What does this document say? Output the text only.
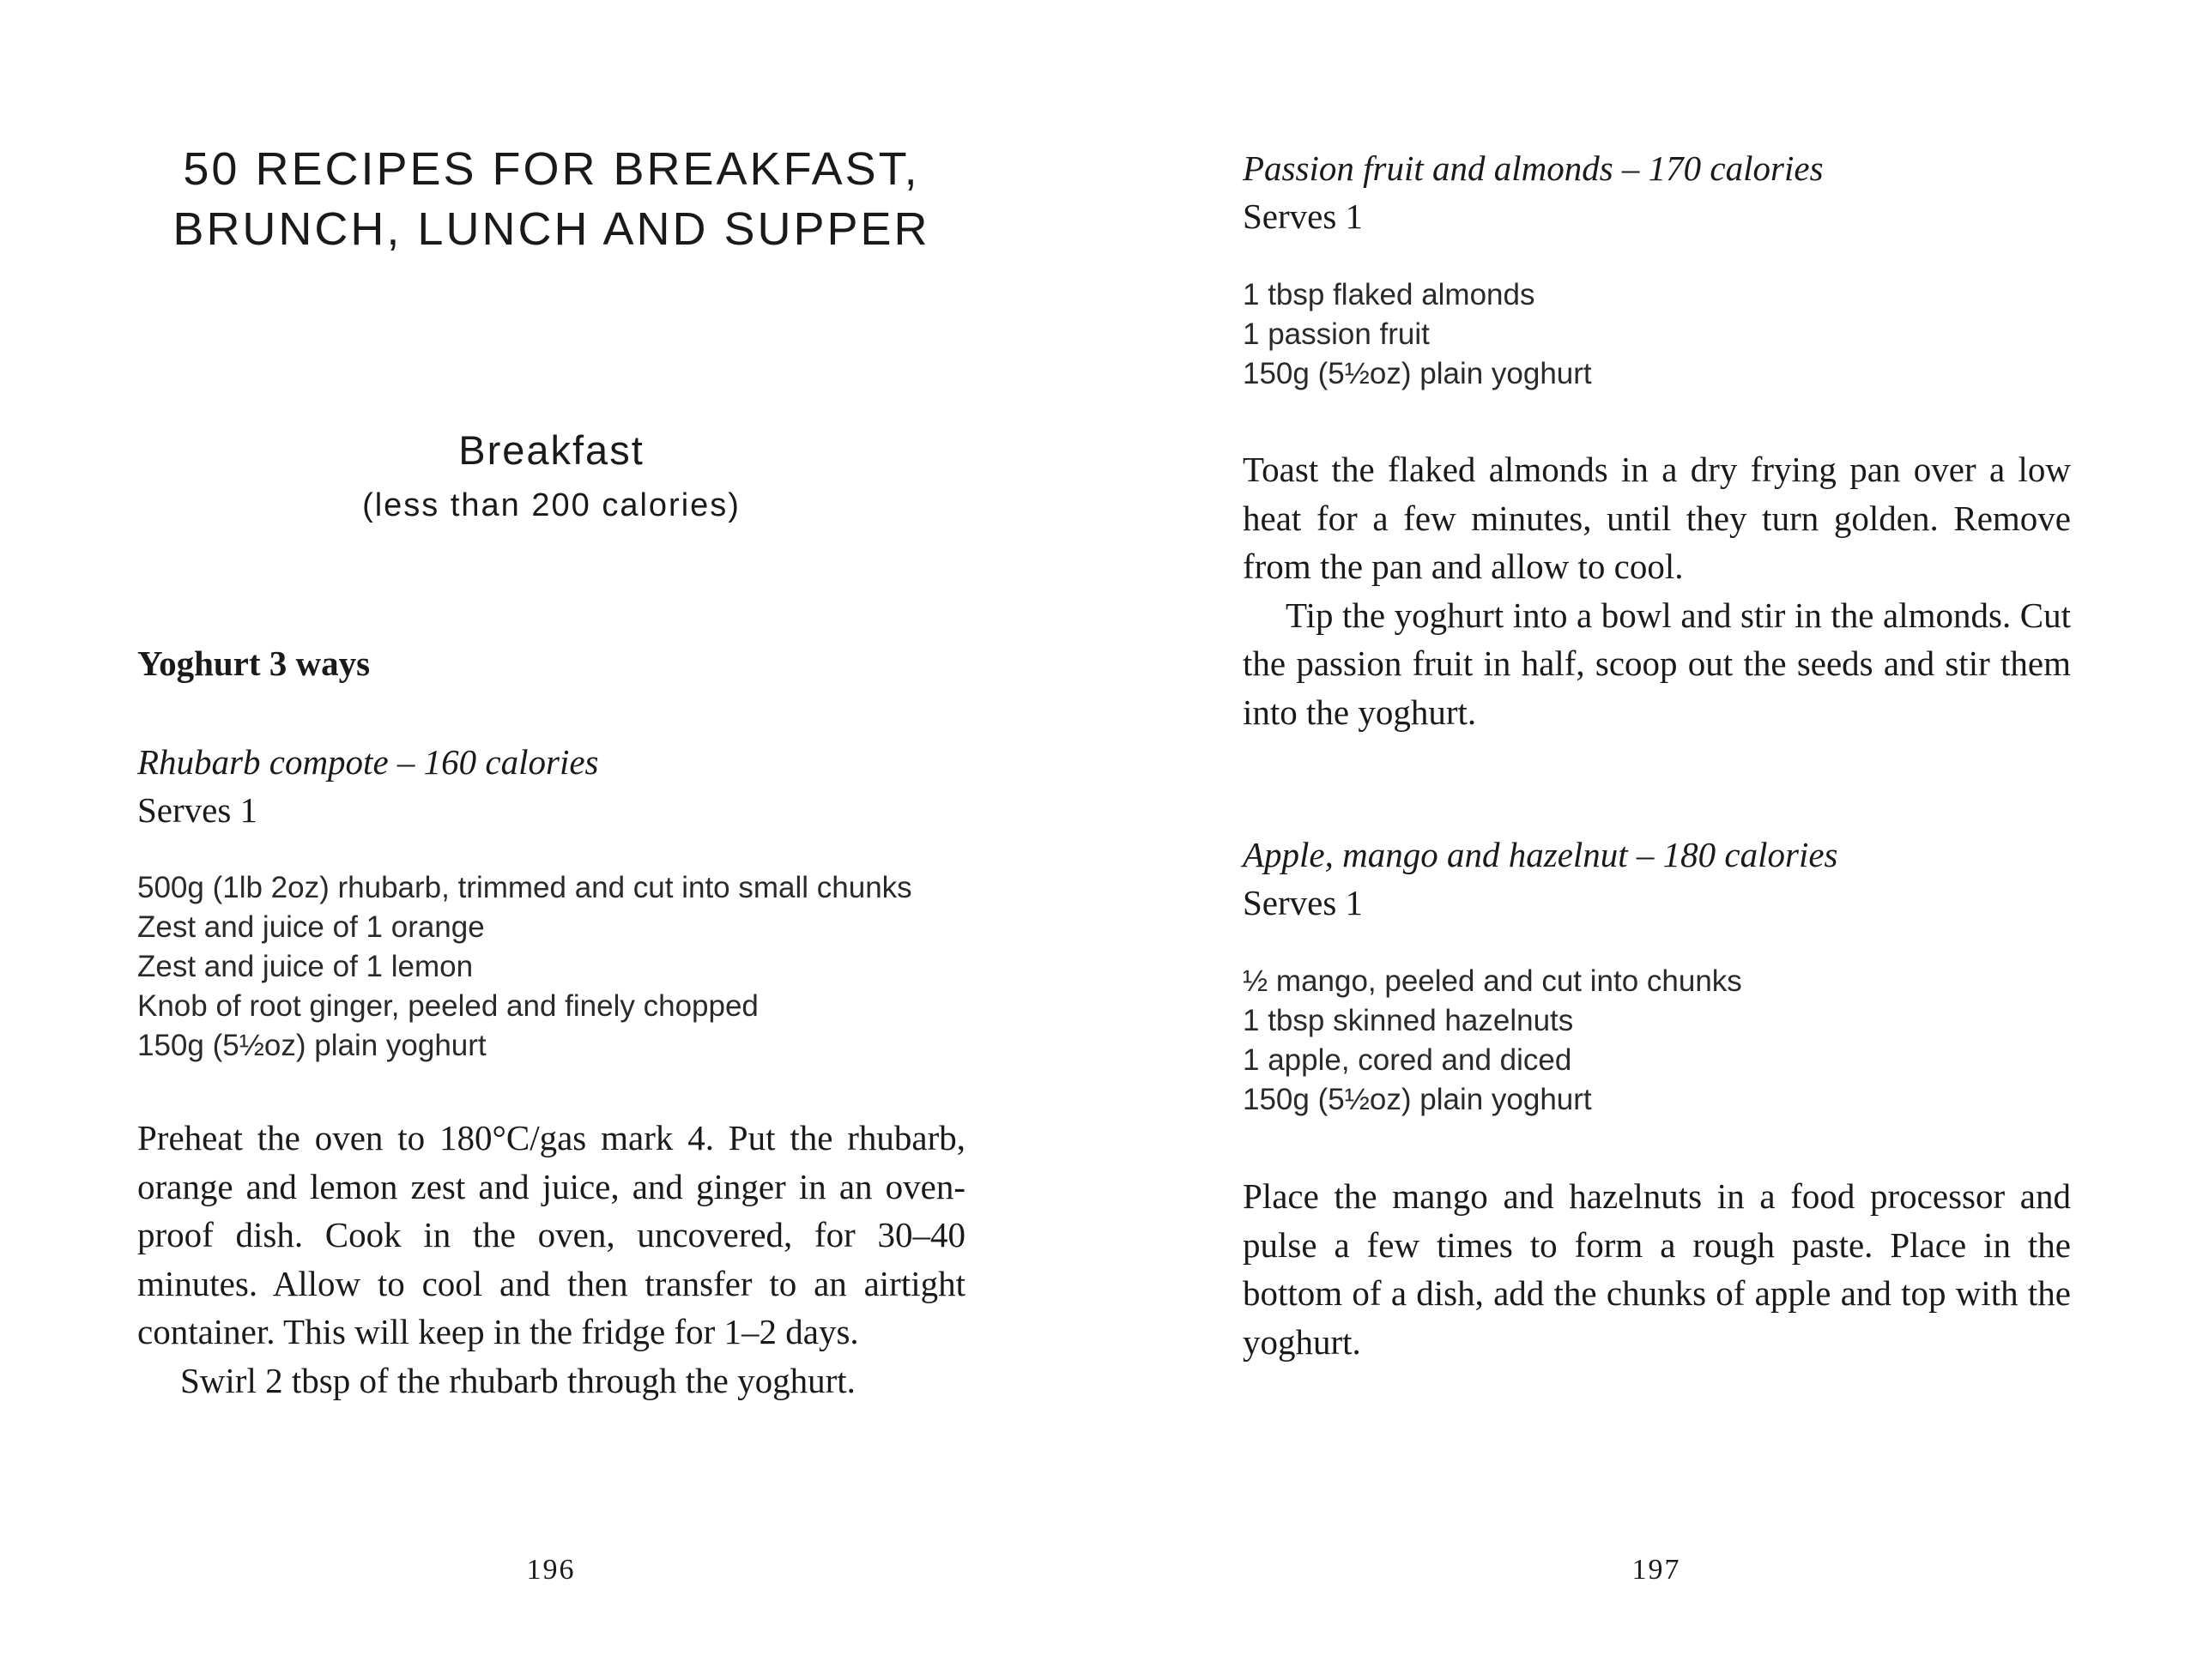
50 RECIPES FOR BREAKFAST,
BRUNCH, LUNCH AND SUPPER
Breakfast
(less than 200 calories)
Yoghurt 3 ways
Rhubarb compote – 160 calories
Serves 1
500g (1lb 2oz) rhubarb, trimmed and cut into small chunks
Zest and juice of 1 orange
Zest and juice of 1 lemon
Knob of root ginger, peeled and finely chopped
150g (5½oz) plain yoghurt

Preheat the oven to 180°C/gas mark 4. Put the rhubarb, orange and lemon zest and juice, and ginger in an oven-proof dish. Cook in the oven, uncovered, for 30–40 minutes. Allow to cool and then transfer to an airtight container. This will keep in the fridge for 1–2 days.

Swirl 2 tbsp of the rhubarb through the yoghurt.

196
Passion fruit and almonds – 170 calories
Serves 1
1 tbsp flaked almonds
1 passion fruit
150g (5½oz) plain yoghurt

Toast the flaked almonds in a dry frying pan over a low heat for a few minutes, until they turn golden. Remove from the pan and allow to cool.

Tip the yoghurt into a bowl and stir in the almonds. Cut the passion fruit in half, scoop out the seeds and stir them into the yoghurt.

Apple, mango and hazelnut – 180 calories
Serves 1
½ mango, peeled and cut into chunks
1 tbsp skinned hazelnuts
1 apple, cored and diced
150g (5½oz) plain yoghurt

Place the mango and hazelnuts in a food processor and pulse a few times to form a rough paste. Place in the bottom of a dish, add the chunks of apple and top with the yoghurt.

197
